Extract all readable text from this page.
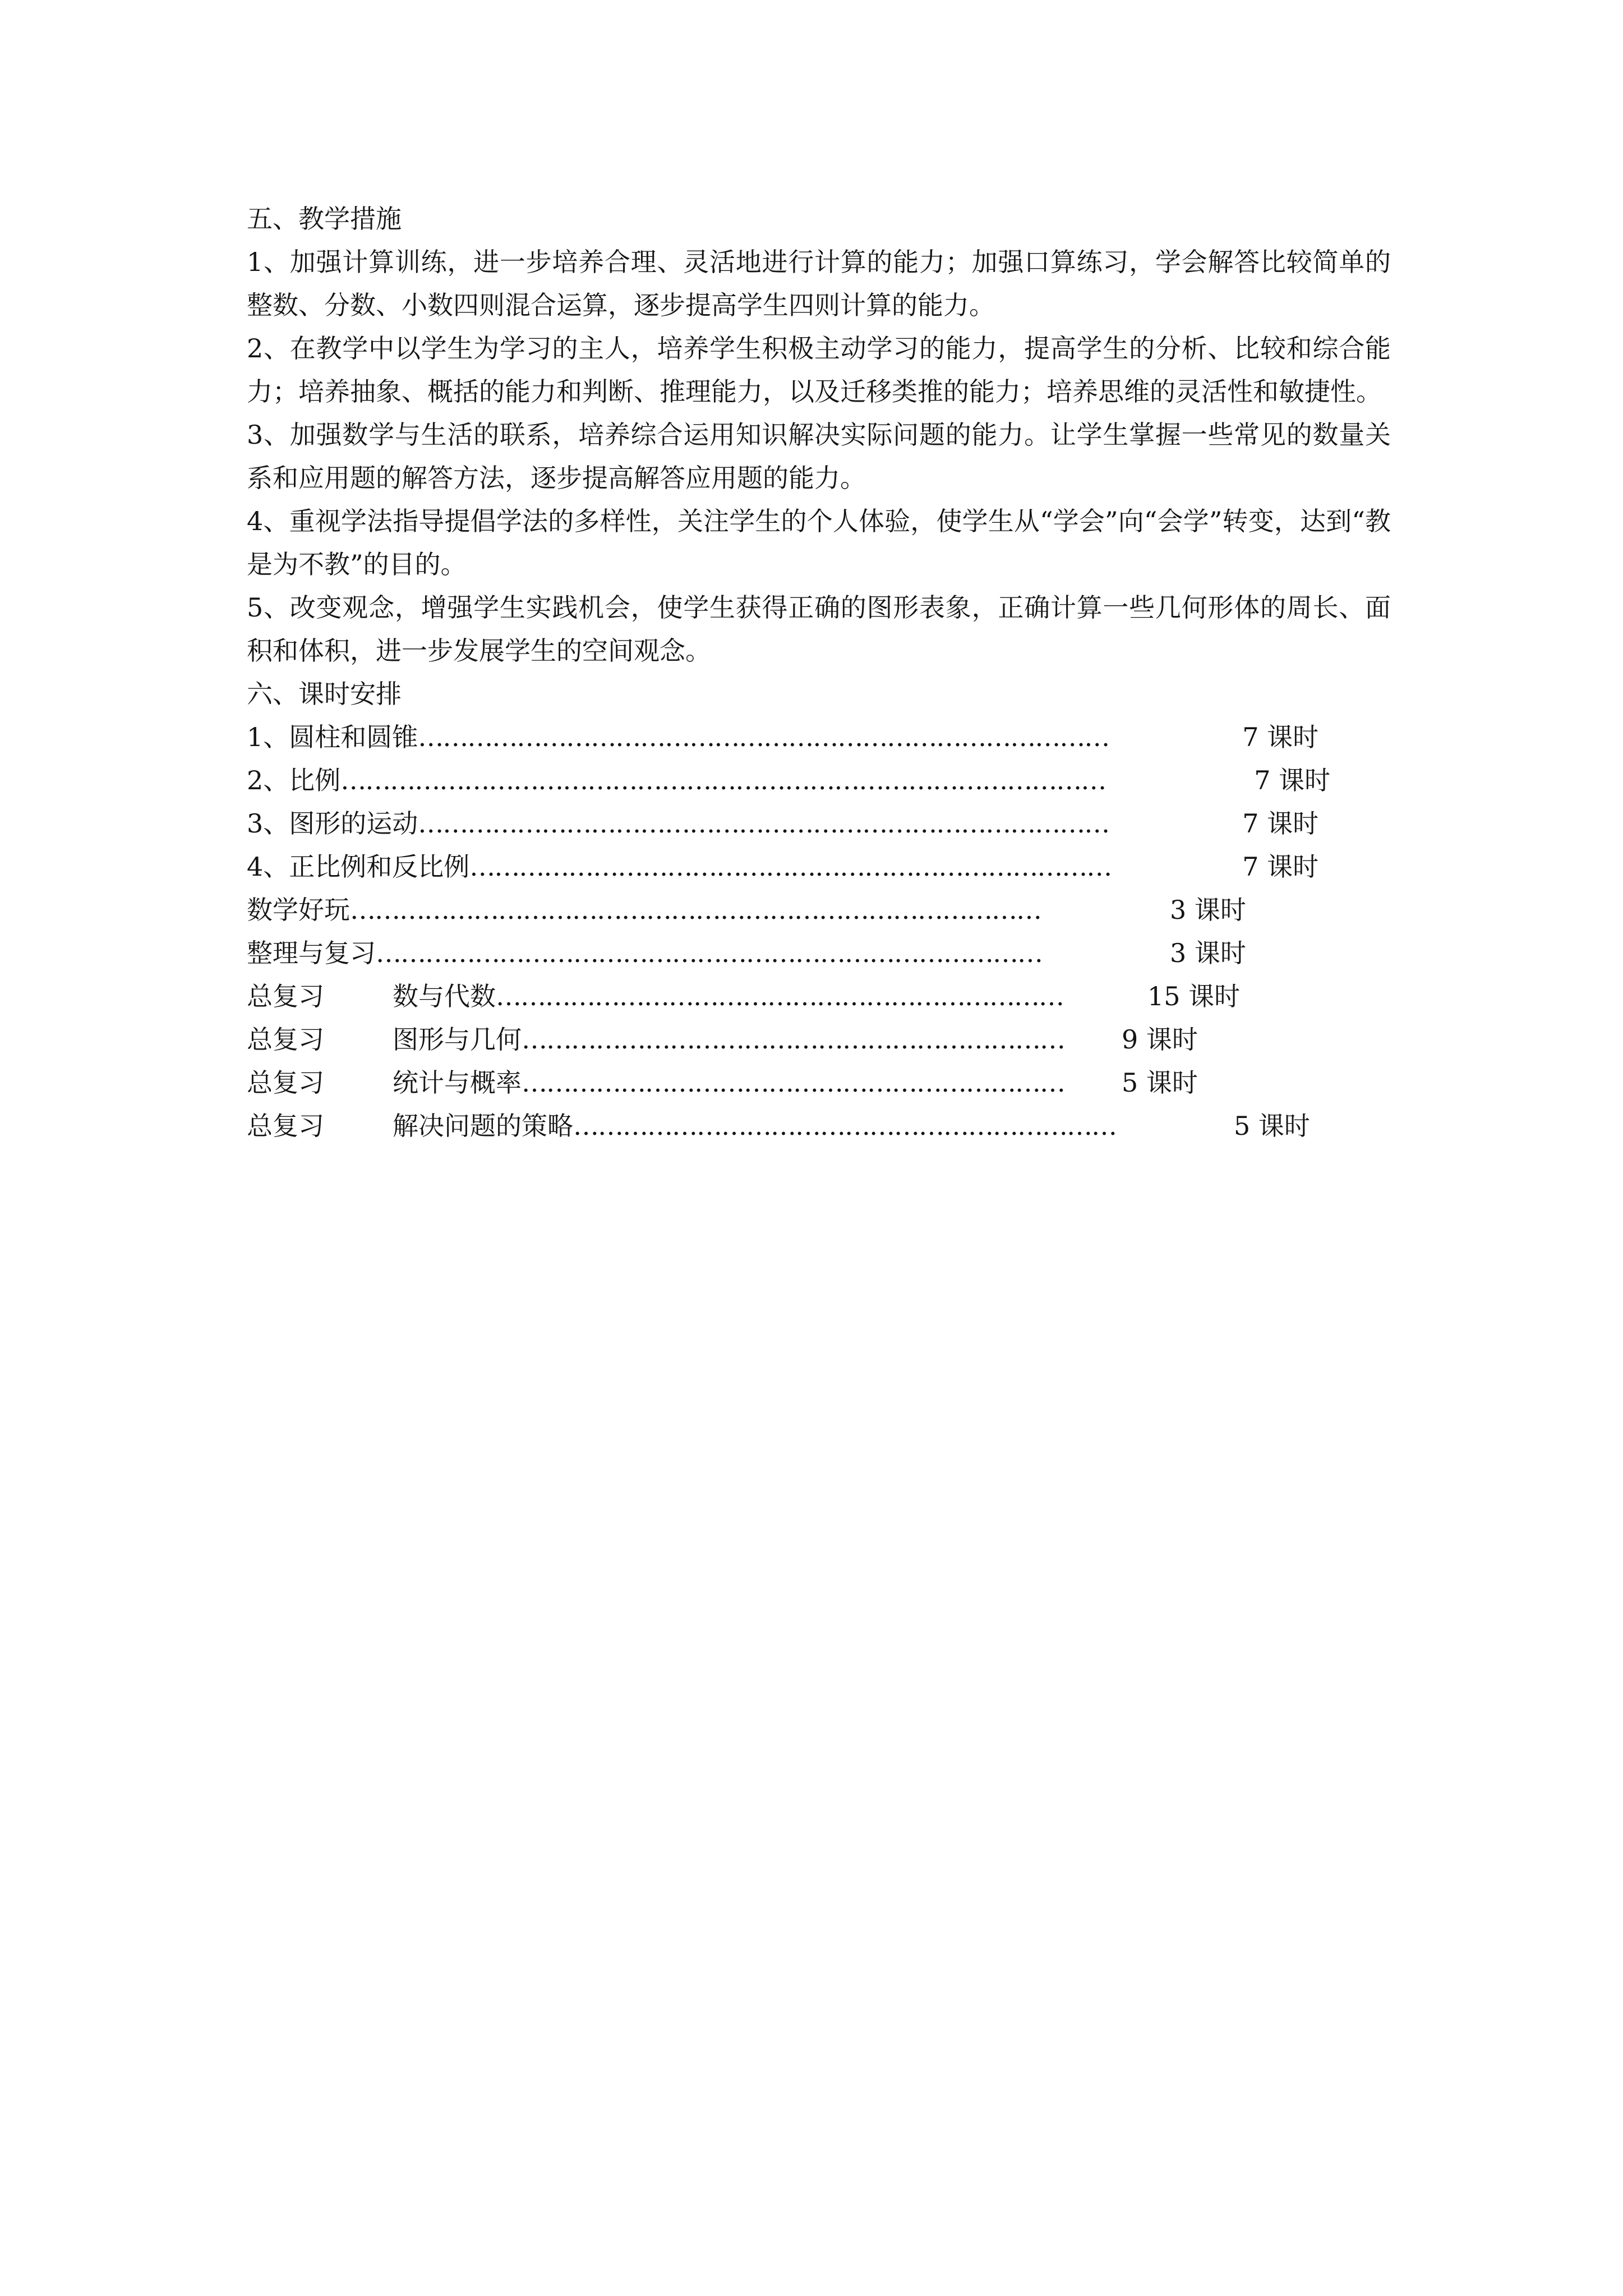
五、教学措施

1、加强计算训练，进一步培养合理、灵活地进行计算的能力；加强口算练习，学会解答比较简单的整数、分数、小数四则混合运算，逐步提高学生四则计算的能力。

2、在教学中以学生为学习的主人，培养学生积极主动学习的能力，提高学生的分析、比较和综合能力；培养抽象、概括的能力和判断、推理能力，以及迁移类推的能力；培养思维的灵活性和敏捷性。

3、加强数学与生活的联系，培养综合运用知识解决实际问题的能力。让学生掌握一些常见的数量关系和应用题的解答方法，逐步提高解答应用题的能力。

4、重视学法指导提倡学法的多样性，关注学生的个人体验，使学生从“学会”向“会学”转变，达到“教是为不教”的目的。

5、改变观念，增强学生实践机会，使学生获得正确的图形表象，正确计算一些几何形体的周长、面积和体积，进一步发展学生的空间观念。

六、课时安排

1、圆柱和圆锥 …………………………………………………………………………	7 课时
2、比例 …………………………………………………………………………………	7 课时
3、图形的运动 …………………………………………………………………………	7 课时
4、正比例和反比例 ……………………………………………………………………	7 课时
数学好玩 …………………………………………………………………………	3 课时
整理与复习 ………………………………………………………………………	3 课时
总复习	数与代数 ……………………………………………………………	15 课时
总复习	图形与几何 …………………………………………………………	9 课时
总复习	统计与概率 …………………………………………………………	5 课时
总复习	解决问题的策略 …………………………………………………………	5 课时
